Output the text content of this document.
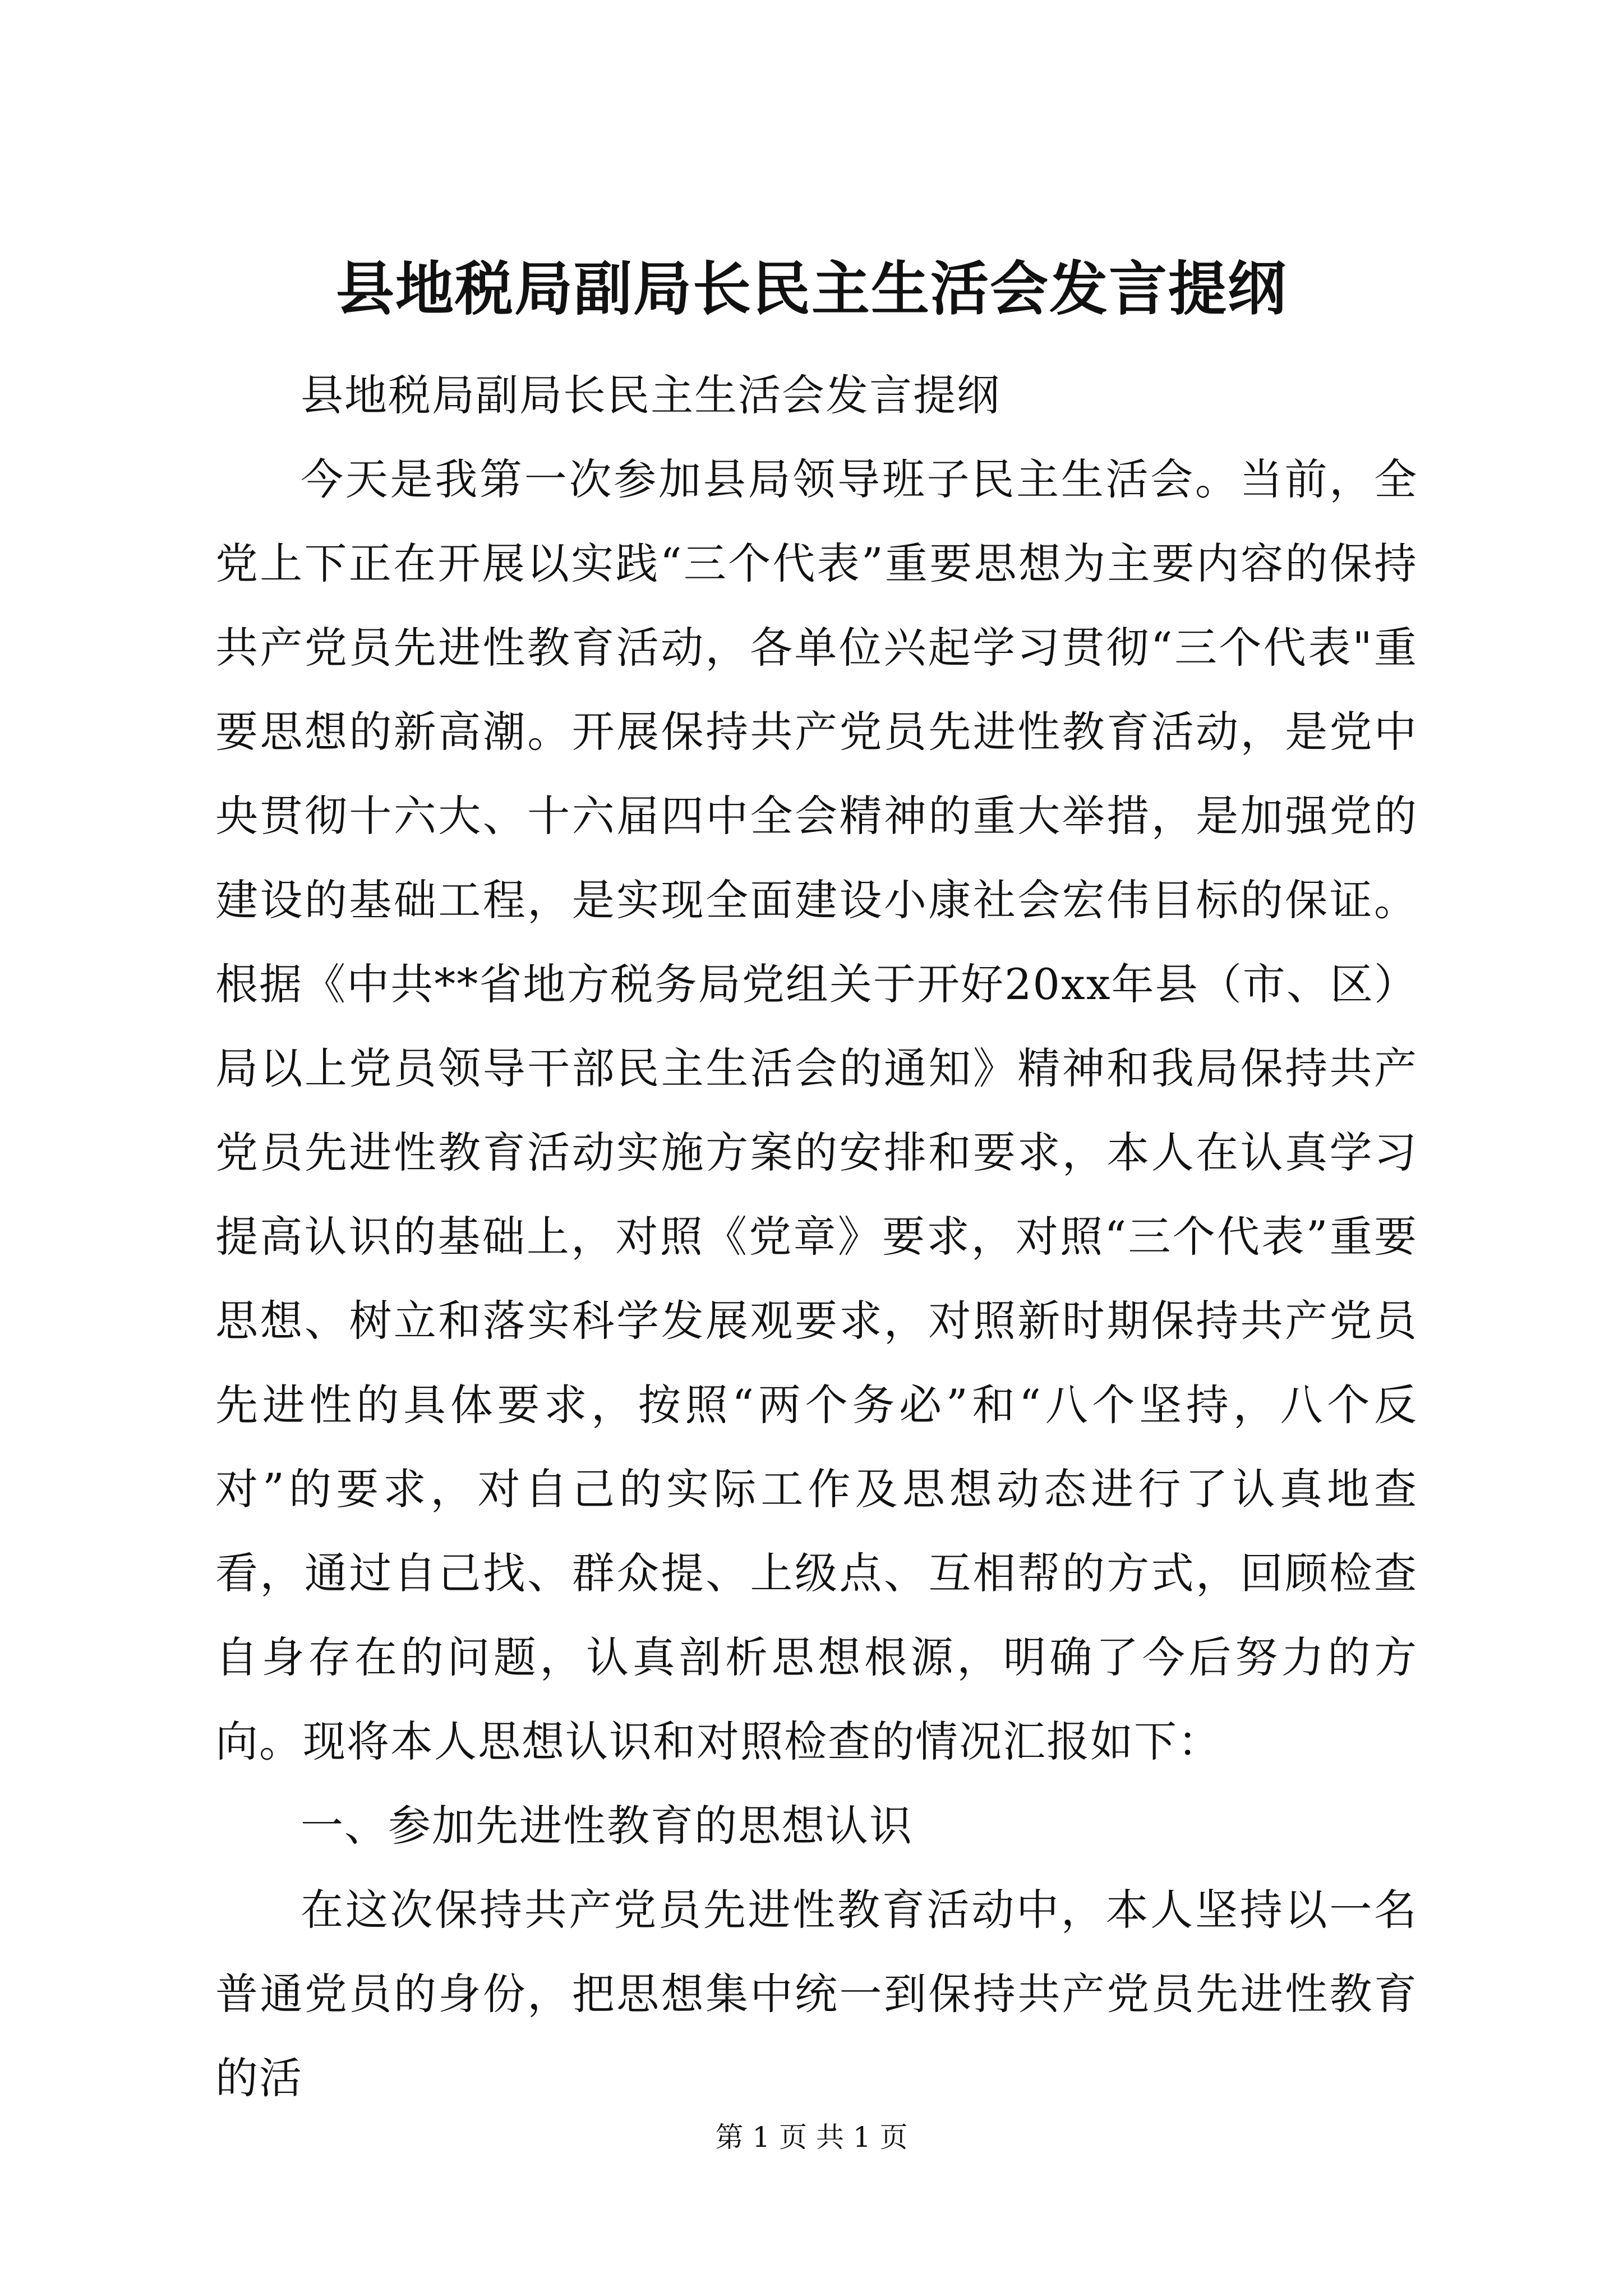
县地税局副局长民主生活会发言提纲

县地税局副局长民主生活会发言提纲

今天是我第一次参加县局领导班子民主生活会。当前，全党上下正在开展以实践“三个代表”重要思想为主要内容的保持共产党员先进性教育活动，各单位兴起学习贯彻“三个代表"重要思想的新高潮。开展保持共产党员先进性教育活动，是党中央贯彻十六大、十六届四中全会精神的重大举措，是加强党的建设的基础工程，是实现全面建设小康社会宏伟目标的保证。根据《中共**省地方税务局党组关于开好20xx年县（市、区）局以上党员领导干部民主生活会的通知》精神和我局保持共产党员先进性教育活动实施方案的安排和要求，本人在认真学习提高认识的基础上，对照《党章》要求，对照“三个代表”重要思想、树立和落实科学发展观要求，对照新时期保持共产党员先进性的具体要求，按照“两个务必”和“八个坚持，八个反对”的要求，对自己的实际工作及思想动态进行了认真地查看，通过自己找、群众提、上级点、互相帮的方式，回顾检查自身存在的问题，认真剖析思想根源，明确了今后努力的方向。现将本人思想认识和对照检查的情况汇报如下：

一、参加先进性教育的思想认识

在这次保持共产党员先进性教育活动中，本人坚持以一名普通党员的身份，把思想集中统一到保持共产党员先进性教育的活

第 1 页 共 1 页
